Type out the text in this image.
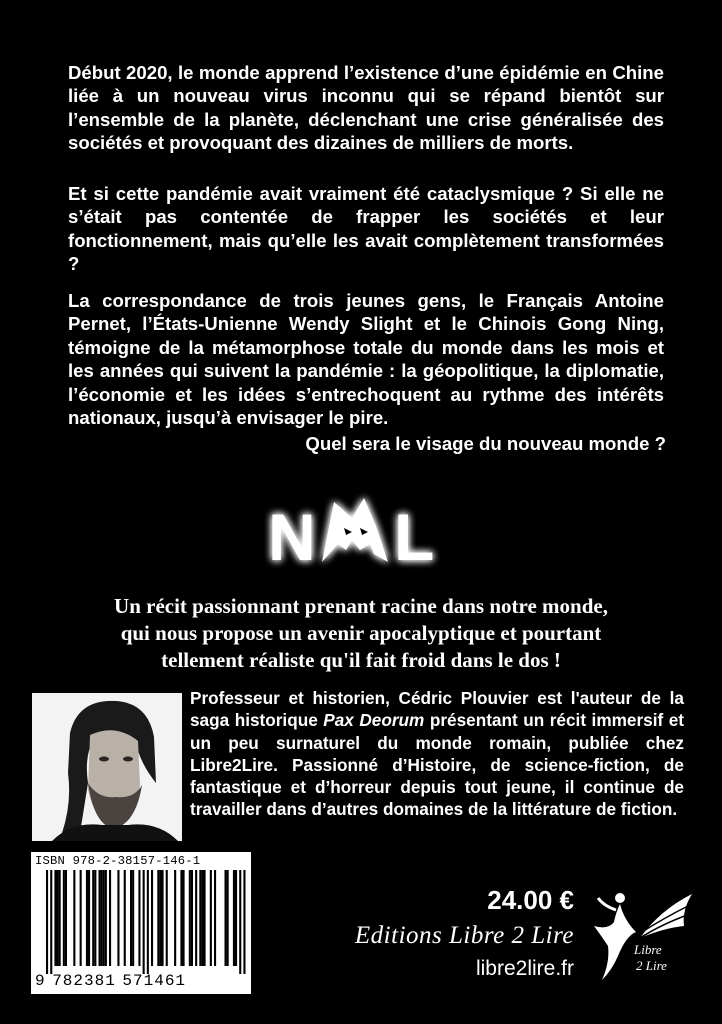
Début 2020, le monde apprend l’existence d’une épidémie en Chine liée à un nouveau virus inconnu qui se répand bientôt sur l’ensemble de la planète, déclenchant une crise généralisée des sociétés et provoquant des dizaines de milliers de morts.

Et si cette pandémie avait vraiment été cataclysmique ? Si elle ne s’était pas contentée de frapper les sociétés et leur fonctionnement, mais qu’elle les avait complètement transformées ?

La correspondance de trois jeunes gens, le Français Antoine Pernet, l’États-Unienne Wendy Slight et le Chinois Gong Ning, témoigne de la métamorphose totale du monde dans les mois et les années qui suivent la pandémie : la géopolitique, la diplomatie, l’économie et les idées s’entrechoquent au rythme des intérêts nationaux, jusqu’à envisager le pire.

Quel sera le visage du nouveau monde ?

N L
Un récit passionnant prenant racine dans notre monde,
qui nous propose un avenir apocalyptique et pourtant
tellement réaliste qu'il fait froid dans le dos !

Professeur et historien, Cédric Plouvier est l'auteur de la saga historique Pax Deorum présentant un récit immersif et un peu surnaturel du monde romain, publiée chez Libre2Lire. Passionné d’Histoire, de science-fiction, de fantastique et d’horreur depuis tout jeune, il continue de travailler dans d’autres domaines de la littérature de fiction.

ISBN 978-2-38157-146-1
9 782381 571461
24.00 €
Editions Libre 2 Lire
libre2lire.fr
Libre
2 Lire
